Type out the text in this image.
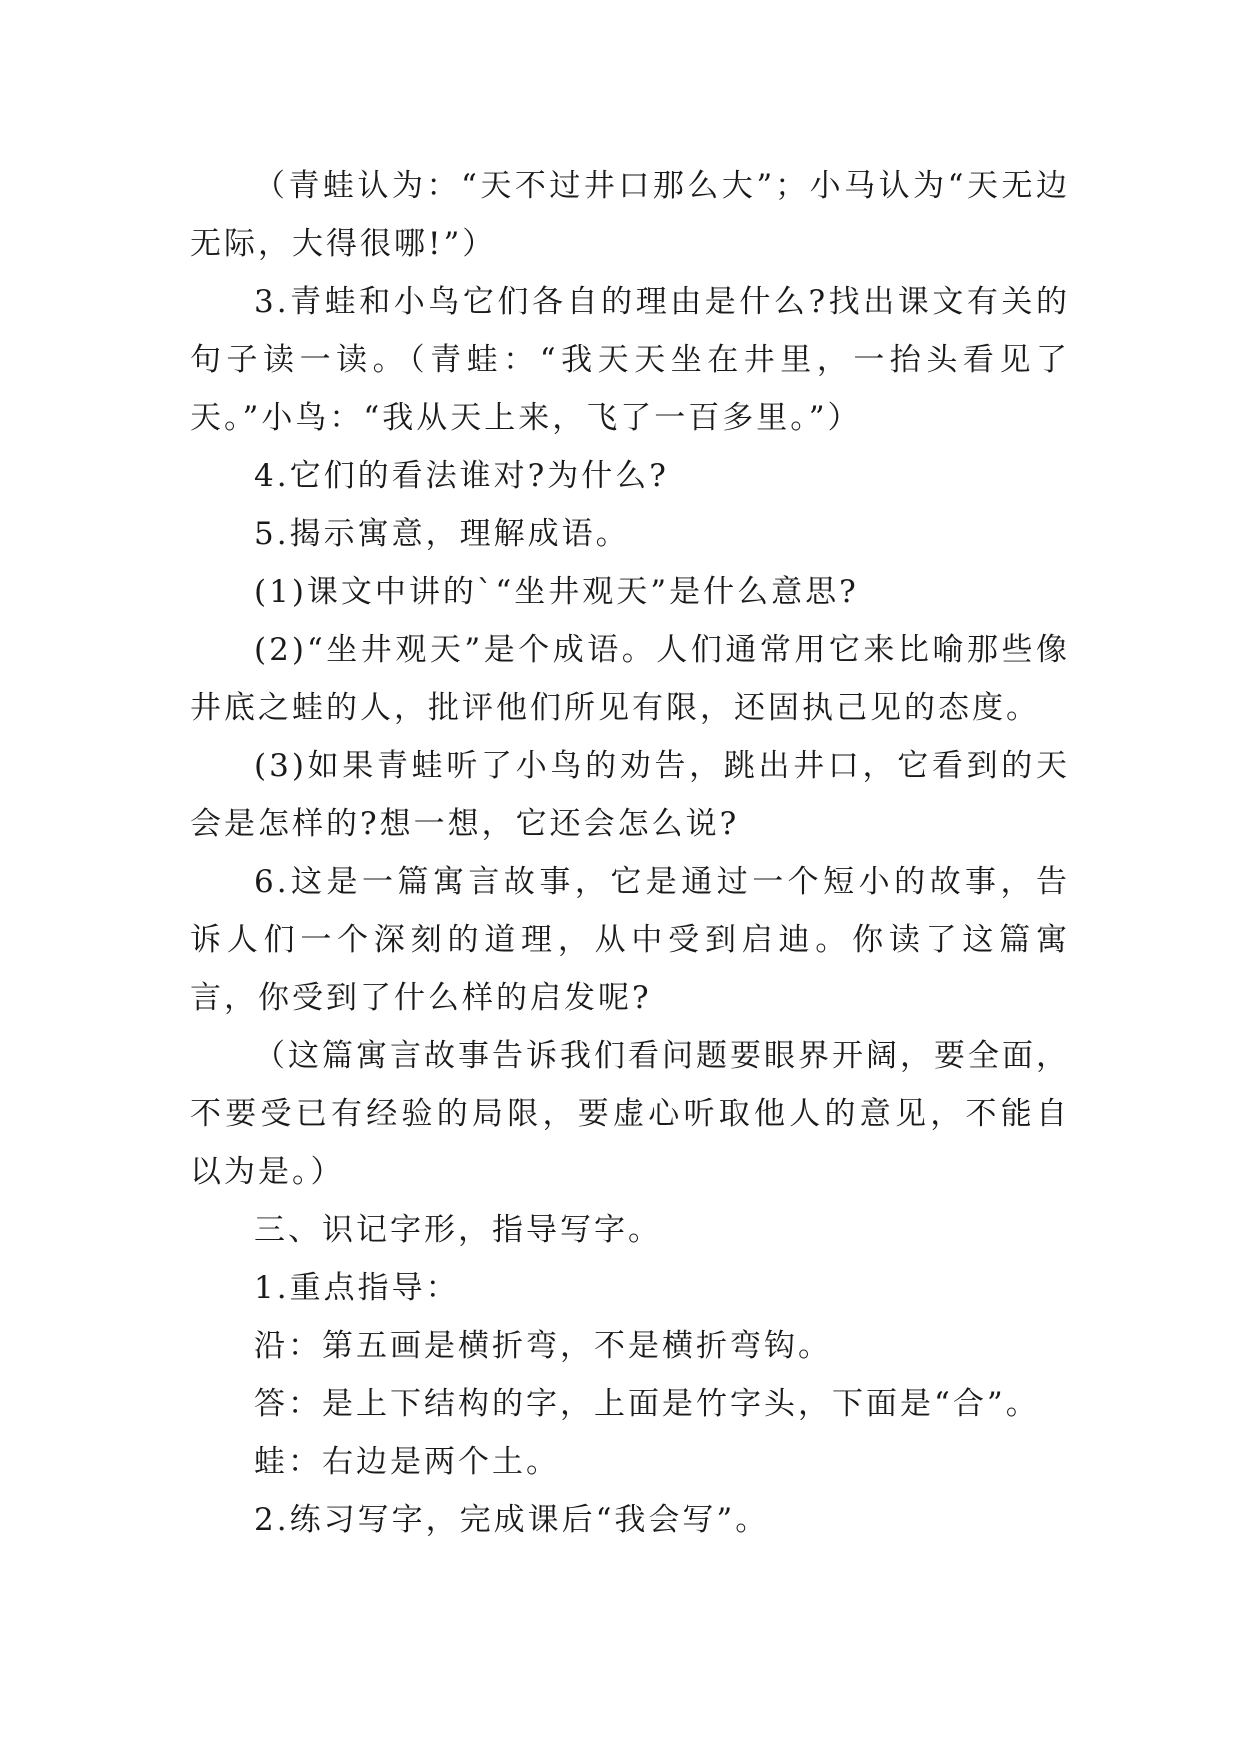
（青蛙认为：“天不过井口那么大”；小马认为“天无边无际，大得很哪!”）

3.青蛙和小鸟它们各自的理由是什么?找出课文有关的句子读一读。（青蛙：“我天天坐在井里，一抬头看见了天。”小鸟：“我从天上来，飞了一百多里。”）

4.它们的看法谁对?为什么?

5.揭示寓意，理解成语。

(1)课文中讲的`“坐井观天”是什么意思?

(2)“坐井观天”是个成语。人们通常用它来比喻那些像井底之蛙的人，批评他们所见有限，还固执己见的态度。

(3)如果青蛙听了小鸟的劝告，跳出井口，它看到的天会是怎样的?想一想，它还会怎么说?

6.这是一篇寓言故事，它是通过一个短小的故事，告诉人们一个深刻的道理，从中受到启迪。你读了这篇寓言，你受到了什么样的启发呢?

（这篇寓言故事告诉我们看问题要眼界开阔，要全面，不要受已有经验的局限，要虚心听取他人的意见，不能自以为是。）

三、识记字形，指导写字。

1.重点指导：

沿：第五画是横折弯，不是横折弯钩。

答：是上下结构的字，上面是竹字头，下面是“合”。

蛙：右边是两个土。

2.练习写字，完成课后“我会写”。
